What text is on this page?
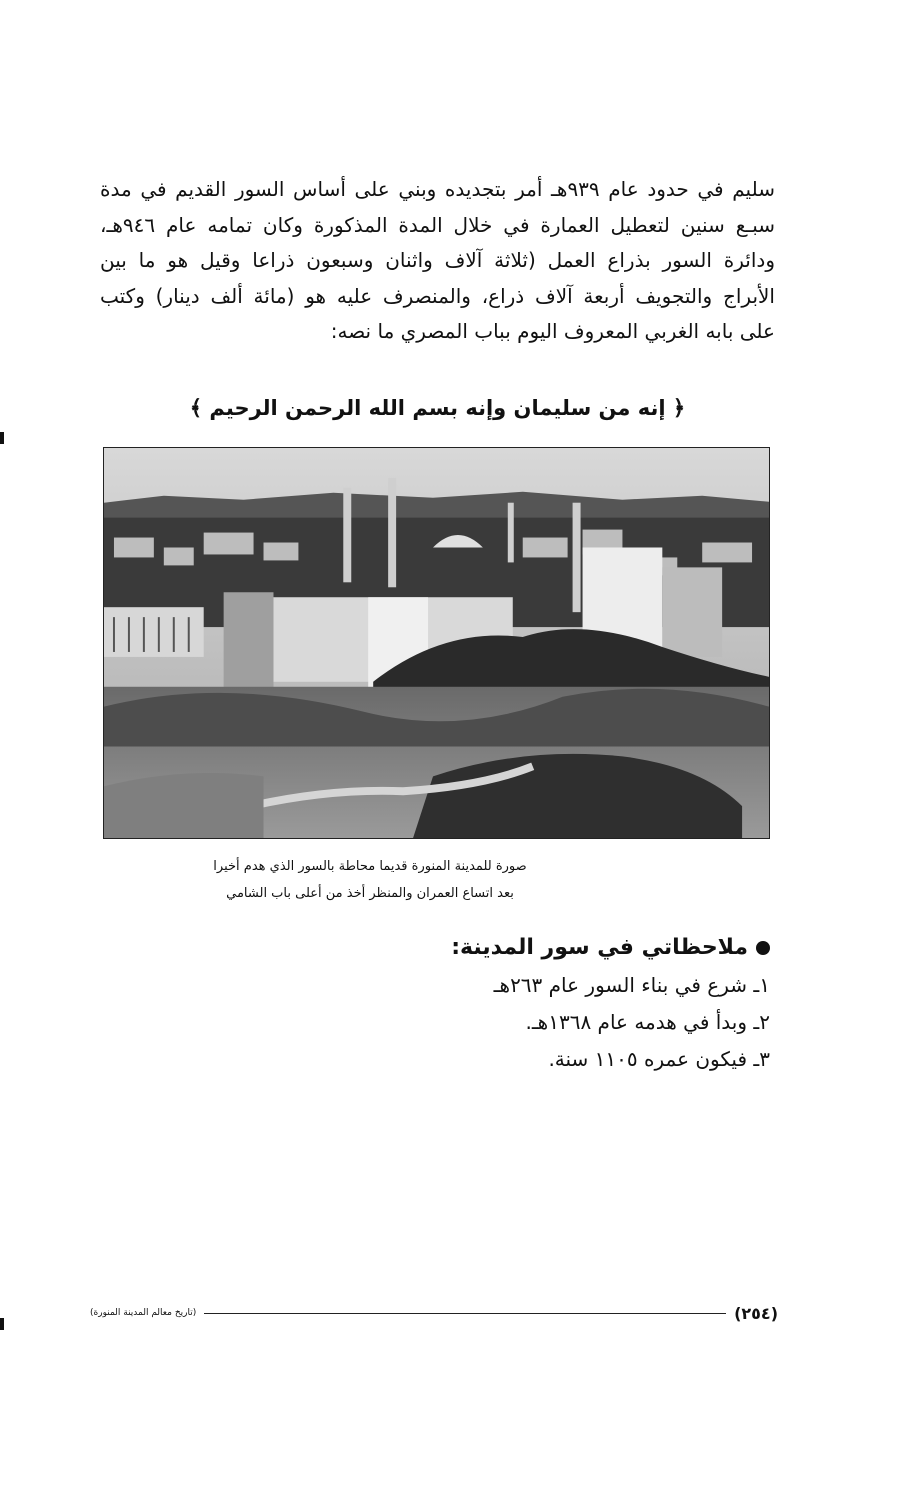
سليم في حدود عام ٩٣٩هـ أمر بتجديده وبني على أساس السور القديم في مدة
سبـع سنين لتعطيل العمارة في خلال المدة المذكورة وكان تمامه عام ٩٤٦هـ،
ودائرة السور بذراع العمل (ثلاثة آلاف واثنان وسبعون ذراعا وقيل هو ما بين
الأبراج والتجويف أربعة آلاف ذراع، والمنصرف عليه هو (مائة ألف دينار) وكتب
على بابه الغربي المعروف اليوم بباب المصري ما نصه:

﴿ إنه من سليمان وإنه بسم الله الرحمن الرحيم ﴾

صورة للمدينة المنورة قديما محاطة بالسور الذي هدم أخيرا
بعد اتساع العمران والمنظر أخذ من أعلى باب الشامي

ملاحظاتي في سور المدينة:
١ـ شرع في بناء السور عام ٢٦٣هـ
٢ـ وبدأ في هدمه عام ١٣٦٨هـ.
٣ـ فيكون عمره ١١٠٥ سنة.
(٢٥٤)
(تاريخ معالم المدينة المنورة)
